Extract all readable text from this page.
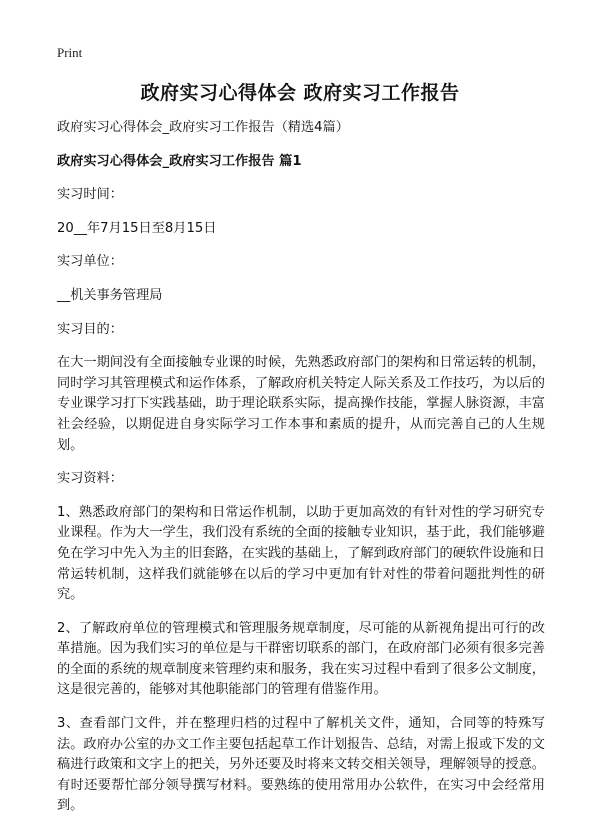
Print
政府实习心得体会 政府实习工作报告

政府实习心得体会_政府实习工作报告（精选4篇）

政府实习心得体会_政府实习工作报告 篇1

实习时间：

20__年7月15日至8月15日

实习单位：

__机关事务管理局

实习目的：

在大一期间没有全面接触专业课的时候，先熟悉政府部门的架构和日常运转的机制，同时学习其管理模式和运作体系，了解政府机关特定人际关系及工作技巧，为以后的专业课学习打下实践基础，助于理论联系实际，提高操作技能，掌握人脉资源，丰富社会经验，以期促进自身实际学习工作本事和素质的提升，从而完善自己的人生规划。

实习资料：

1、熟悉政府部门的架构和日常运作机制，以助于更加高效的有针对性的学习研究专业课程。作为大一学生，我们没有系统的全面的接触专业知识，基于此，我们能够避免在学习中先入为主的旧套路，在实践的基础上，了解到政府部门的硬软件设施和日常运转机制，这样我们就能够在以后的学习中更加有针对性的带着问题批判性的研究。

2、了解政府单位的管理模式和管理服务规章制度，尽可能的从新视角提出可行的改革措施。因为我们实习的单位是与干群密切联系的部门，在政府部门必须有很多完善的全面的系统的规章制度来管理约束和服务，我在实习过程中看到了很多公文制度，这是很完善的，能够对其他职能部门的管理有借鉴作用。

3、查看部门文件，并在整理归档的过程中了解机关文件，通知，合同等的特殊写法。政府办公室的办文工作主要包括起草工作计划报告、总结，对需上报或下发的文稿进行政策和文字上的把关，另外还要及时将来文转交相关领导，理解领导的授意。有时还要帮忙部分领导撰写材料。要熟练的使用常用办公软件，在实习中会经常用到。
